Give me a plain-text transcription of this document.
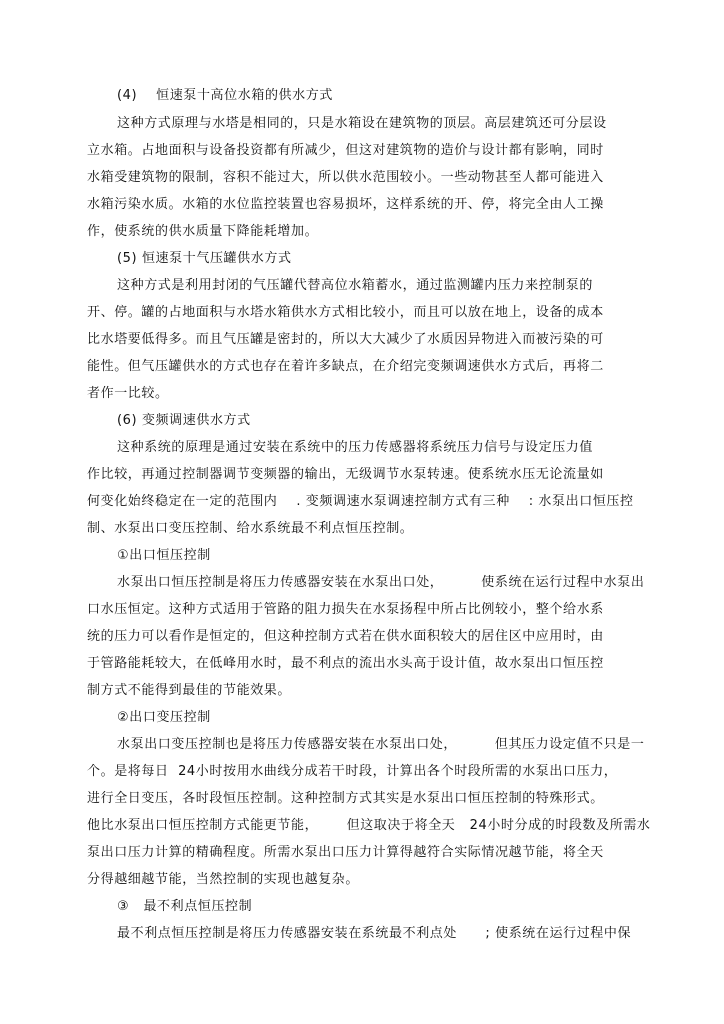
(4)    恒速泵十高位水箱的供水方式
这种方式原理与水塔是相同的，只是水箱设在建筑物的顶层。高层建筑还可分层设
立水箱。占地面积与设备投资都有所减少，但这对建筑物的造价与设计都有影响，同时
水箱受建筑物的限制，容积不能过大，所以供水范围较小。一些动物甚至人都可能进入
水箱污染水质。水箱的水位监控装置也容易损坏，这样系统的开、停，将完全由人工操
作，使系统的供水质量下降能耗增加。
(5) 恒速泵十气压罐供水方式
这种方式是利用封闭的气压罐代替高位水箱蓄水，通过监测罐内压力来控制泵的
开、停。罐的占地面积与水塔水箱供水方式相比较小，而且可以放在地上，设备的成本
比水塔要低得多。而且气压罐是密封的，所以大大减少了水质因异物进入而被污染的可
能性。但气压罐供水的方式也存在着许多缺点，在介绍完变频调速供水方式后，再将二
者作一比较。
(6) 变频调速供水方式
这种系统的原理是通过安装在系统中的压力传感器将系统压力信号与设定压力值
作比较，再通过控制器调节变频器的输出，无级调节水泵转速。使系统水压无论流量如
何变化始终稳定在一定的范围内    . 变频调速水泵调速控制方式有三种    : 水泵出口恒压控
制、水泵出口变压控制、给水系统最不利点恒压控制。
①出口恒压控制
水泵出口恒压控制是将压力传感器安装在水泵出口处，        使系统在运行过程中水泵出
口水压恒定。这种方式适用于管路的阻力损失在水泵扬程中所占比例较小，整个给水系
统的压力可以看作是恒定的，但这种控制方式若在供水面积较大的居住区中应用时，由
于管路能耗较大，在低峰用水时，最不利点的流出水头高于设计值，故水泵出口恒压控
制方式不能得到最佳的节能效果。
②出口变压控制
水泵出口变压控制也是将压力传感器安装在水泵出口处，        但其压力设定值不只是一
个。是将每日  24小时按用水曲线分成若干时段，计算出各个时段所需的水泵出口压力，
进行全日变压，各时段恒压控制。这种控制方式其实是水泵出口恒压控制的特殊形式。
他比水泵出口恒压控制方式能更节能，      但这取决于将全天   24小时分成的时段数及所需水
泵出口压力计算的精确程度。所需水泵出口压力计算得越符合实际情况越节能，将全天
分得越细越节能，当然控制的实现也越复杂。
③   最不利点恒压控制
最不利点恒压控制是将压力传感器安装在系统最不利点处      ; 使系统在运行过程中保
